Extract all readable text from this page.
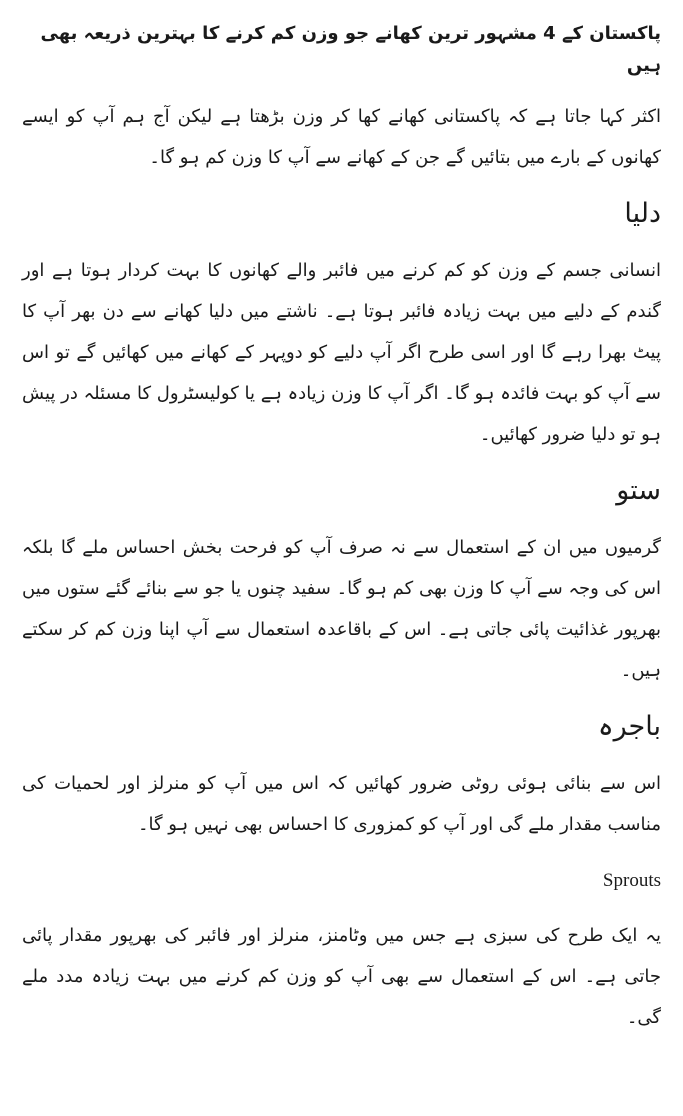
پاکستان کے 4 مشہور ترین کھانے جو وزن کم کرنے کا بہترین ذریعہ بھی ہیں

اکثر کہا جاتا ہے کہ پاکستانی کھانے کھا کر وزن بڑھتا ہے لیکن آج ہم آپ کو ایسے کھانوں کے بارے میں بتائیں گے جن کے کھانے سے آپ کا وزن کم ہو گا۔

دلیا

انسانی جسم کے وزن کو کم کرنے میں فائبر والے کھانوں کا بہت کردار ہوتا ہے اور گندم کے دلیے میں بہت زیادہ فائبر ہوتا ہے۔ ناشتے میں دلیا کھانے سے دن بھر آپ کا پیٹ بھرا رہے گا اور اسی طرح اگر آپ دلیے کو دوپہر کے کھانے میں کھائیں گے تو اس سے آپ کو بہت فائدہ ہو گا۔ اگر آپ کا وزن زیادہ ہے یا کولیسٹرول کا مسئلہ در پیش ہو تو دلیا ضرور کھائیں۔

ستو

گرمیوں میں ان کے استعمال سے نہ صرف آپ کو فرحت بخش احساس ملے گا بلکہ اس کی وجہ سے آپ کا وزن بھی کم ہو گا۔ سفید چنوں یا جو سے بنائے گئے ستوں میں بھرپور غذائیت پائی جاتی ہے۔ اس کے باقاعدہ استعمال سے آپ اپنا وزن کم کر سکتے ہیں۔

باجرہ

اس سے بنائی ہوئی روٹی ضرور کھائیں کہ اس میں آپ کو منرلز اور لحمیات کی مناسب مقدار ملے گی اور آپ کو کمزوری کا احساس بھی نہیں ہو گا۔

Sprouts

یہ ایک طرح کی سبزی ہے جس میں وٹامنز، منرلز اور فائبر کی بھرپور مقدار پائی جاتی ہے۔ اس کے استعمال سے بھی آپ کو وزن کم کرنے میں بہت زیادہ مدد ملے گی۔
